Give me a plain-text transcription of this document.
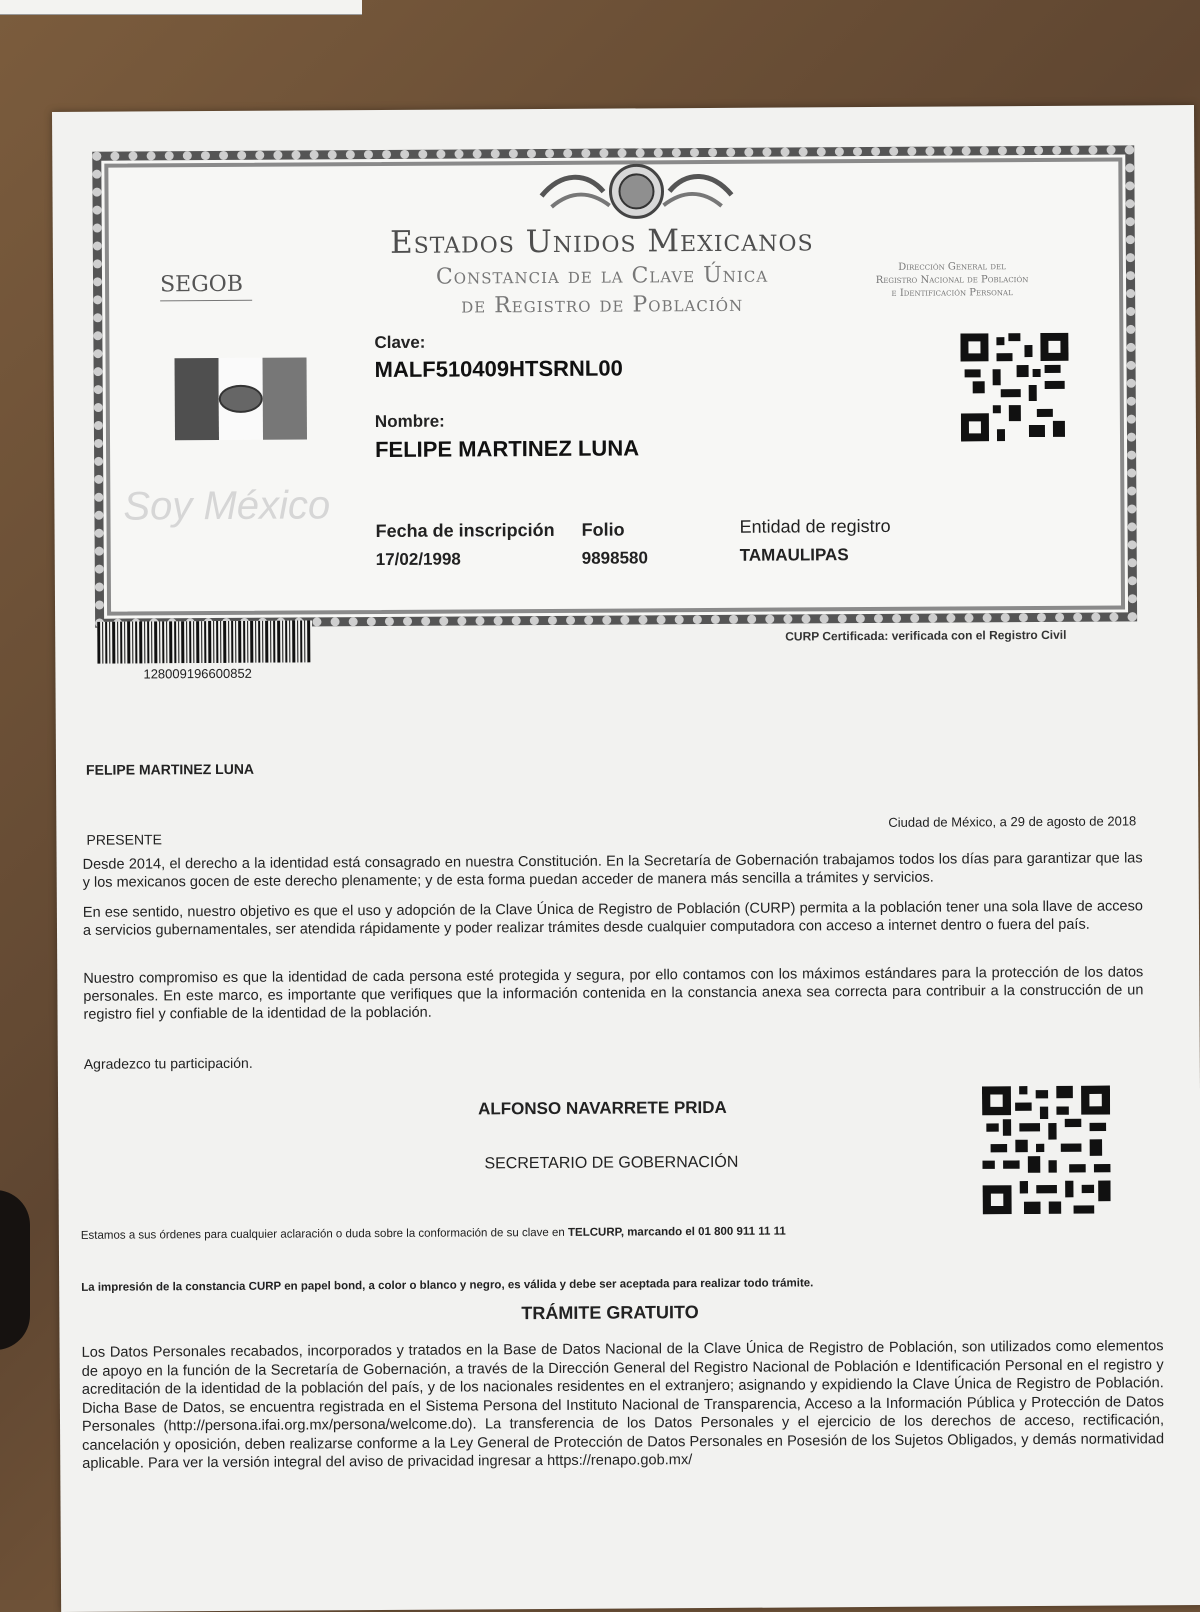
Estados Unidos Mexicanos
Constancia de la Clave Única
de Registro de Población
SEGOB
Dirección General del
Registro Nacional de Población
e Identificación Personal
Soy México
Clave:
MALF510409HTSRNL00
Nombre:
FELIPE MARTINEZ LUNA
Fecha de inscripción
17/02/1998
Folio
9898580
Entidad de registro
TAMAULIPAS
128009196600852
CURP Certificada: verificada con el Registro Civil
FELIPE MARTINEZ LUNA
PRESENTE
Ciudad de México, a 29 de agosto de 2018
Desde 2014, el derecho a la identidad está consagrado en nuestra Constitución. En la Secretaría de Gobernación trabajamos todos los días para garantizar que las y los mexicanos gocen de este derecho plenamente; y de esta forma puedan acceder de manera más sencilla a trámites y servicios.
En ese sentido, nuestro objetivo es que el uso y adopción de la Clave Única de Registro de Población (CURP) permita a la población tener una sola llave de acceso a servicios gubernamentales, ser atendida rápidamente y poder realizar trámites desde cualquier computadora con acceso a internet dentro o fuera del país.
Nuestro compromiso es que la identidad de cada persona esté protegida y segura, por ello contamos con los máximos estándares para la protección de los datos personales. En este marco, es importante que verifiques que la información contenida en la constancia anexa sea correcta para contribuir a la construcción de un registro fiel y confiable de la identidad de la población.
Agradezco tu participación.
ALFONSO NAVARRETE PRIDA
SECRETARIO DE GOBERNACIÓN
Estamos a sus órdenes para cualquier aclaración o duda sobre la conformación de su clave en TELCURP, marcando el 01 800 911 11 11
La impresión de la constancia CURP en papel bond, a color o blanco y negro, es válida y debe ser aceptada para realizar todo trámite.
TRÁMITE GRATUITO
Los Datos Personales recabados, incorporados y tratados en la Base de Datos Nacional de la Clave Única de Registro de Población, son utilizados como elementos de apoyo en la función de la Secretaría de Gobernación, a través de la Dirección General del Registro Nacional de Población e Identificación Personal en el registro y acreditación de la identidad de la población del país, y de los nacionales residentes en el extranjero; asignando y expidiendo la Clave Única de Registro de Población. Dicha Base de Datos, se encuentra registrada en el Sistema Persona del Instituto Nacional de Transparencia, Acceso a la Información Pública y Protección de Datos Personales (http://persona.ifai.org.mx/persona/welcome.do). La transferencia de los Datos Personales y el ejercicio de los derechos de acceso, rectificación, cancelación y oposición, deben realizarse conforme a la Ley General de Protección de Datos Personales en Posesión de los Sujetos Obligados, y demás normatividad aplicable. Para ver la versión integral del aviso de privacidad ingresar a https://renapo.gob.mx/
